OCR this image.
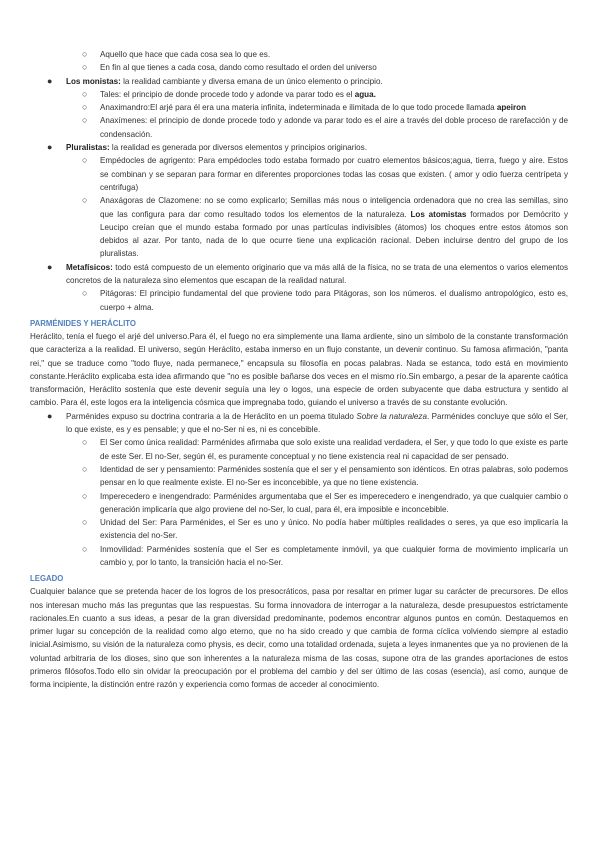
○ Aquello que hace que cada cosa sea lo que es.
○ En fin al que tienes a cada cosa, dando como resultado el orden del universo
● Los monistas: la realidad cambiante y diversa emana de un único elemento o principio.
○ Tales: el principio de donde procede todo y adonde va parar todo es el agua.
○ Anaximandro:El arjé para él era una materia infinita, indeterminada e ilimitada de lo que todo procede llamada apeiron
○ Anaxímenes: el principio de donde procede todo y adonde va parar todo es el aire a través del doble proceso de rarefacción y de condensación.
● Pluralistas: la realidad es generada por diversos elementos y principios originarios.
○ Empédocles de agrigento: Para empédocles todo estaba formado por cuatro elementos básicos;agua, tierra, fuego y aire. Estos se combinan y se separan para formar en diferentes proporciones todas las cosas que existen. ( amor y odio fuerza centrípeta y centrifuga)
○ Anaxágoras de Clazomene: no se como explicarlo; Semillas más nous o inteligencia ordenadora que no crea las semillas, sino que las configura para dar como resultado todos los elementos de la naturaleza. Los atomistas formados por Demócrito y Leucipo creían que el mundo estaba formado por unas partículas indivisibles (átomos) los choques entre estos átomos son debidos al azar. Por tanto, nada de lo que ocurre tiene una explicación racional. Deben incluirse dentro del grupo de los pluralistas.
● Metafísicos: todo está compuesto de un elemento originario que va más allá de la física, no se trata de una elementos o varios elementos concretos de la naturaleza sino elementos que escapan de la realidad natural.
○ Pitágoras: El principio fundamental del que proviene todo para Pitágoras, son los números. el dualismo antropológico, esto es, cuerpo + alma.
PARMÉNIDES Y HERÁCLITO
Heráclito, tenía el fuego el arjé del universo.Para él, el fuego no era simplemente una llama ardiente, sino un símbolo de la constante transformación que caracteriza a la realidad. El universo, según Heráclito, estaba inmerso en un flujo constante, un devenir continuo. Su famosa afirmación, "panta rei," que se traduce como "todo fluye, nada permanece," encapsula su filosofía en pocas palabras. Nada se estanca, todo está en movimiento constante.Heráclito explicaba esta idea afirmando que "no es posible bañarse dos veces en el mismo río.Sin embargo, a pesar de la aparente caótica transformación, Heráclito sostenía que este devenir seguía una ley o logos, una especie de orden subyacente que daba estructura y sentido al cambio. Para él, este logos era la inteligencia cósmica que impregnaba todo, guiando el universo a través de su constante evolución.
● Parménides expuso su doctrina contraria a la de Heráclito en un poema titulado Sobre la naturaleza. Parménides concluye que sólo el Ser, lo que existe, es y es pensable; y que el no-Ser ni es, ni es concebible.
○ El Ser como única realidad: Parménides afirmaba que solo existe una realidad verdadera, el Ser, y que todo lo que existe es parte de este Ser. El no-Ser, según él, es puramente conceptual y no tiene existencia real ni capacidad de ser pensado.
○ Identidad de ser y pensamiento: Parménides sostenía que el ser y el pensamiento son idénticos. En otras palabras, solo podemos pensar en lo que realmente existe. El no-Ser es inconcebible, ya que no tiene existencia.
○ Imperecedero e inengendrado: Parménides argumentaba que el Ser es imperecedero e inengendrado, ya que cualquier cambio o generación implicaría que algo proviene del no-Ser, lo cual, para él, era imposible e inconcebible.
○ Unidad del Ser: Para Parménides, el Ser es uno y único. No podía haber múltiples realidades o seres, ya que eso implicaría la existencia del no-Ser.
○ Inmovilidad: Parménides sostenía que el Ser es completamente inmóvil, ya que cualquier forma de movimiento implicaría un cambio y, por lo tanto, la transición hacia el no-Ser.
LEGADO
Cualquier balance que se pretenda hacer de los logros de los presocráticos, pasa por resaltar en primer lugar su carácter de precursores. De ellos nos interesan mucho más las preguntas que las respuestas. Su forma innovadora de interrogar a la naturaleza, desde presupuestos estrictamente racionales.En cuanto a sus ideas, a pesar de la gran diversidad predominante, podemos encontrar algunos puntos en común. Destaquemos en primer lugar su concepción de la realidad como algo eterno, que no ha sido creado y que cambia de forma cíclica volviendo siempre al estadio inicial.Asimismo, su visión de la naturaleza como physis, es decir, como una totalidad ordenada, sujeta a leyes inmanentes que ya no provienen de la voluntad arbitraria de los dioses, sino que son inherentes a la naturaleza misma de las cosas, supone otra de las grandes aportaciones de estos primeros filósofos.Todo ello sin olvidar la preocupación por el problema del cambio y del ser último de las cosas (esencia), así como, aunque de forma incipiente, la distinción entre razón y experiencia como formas de acceder al conocimiento.
